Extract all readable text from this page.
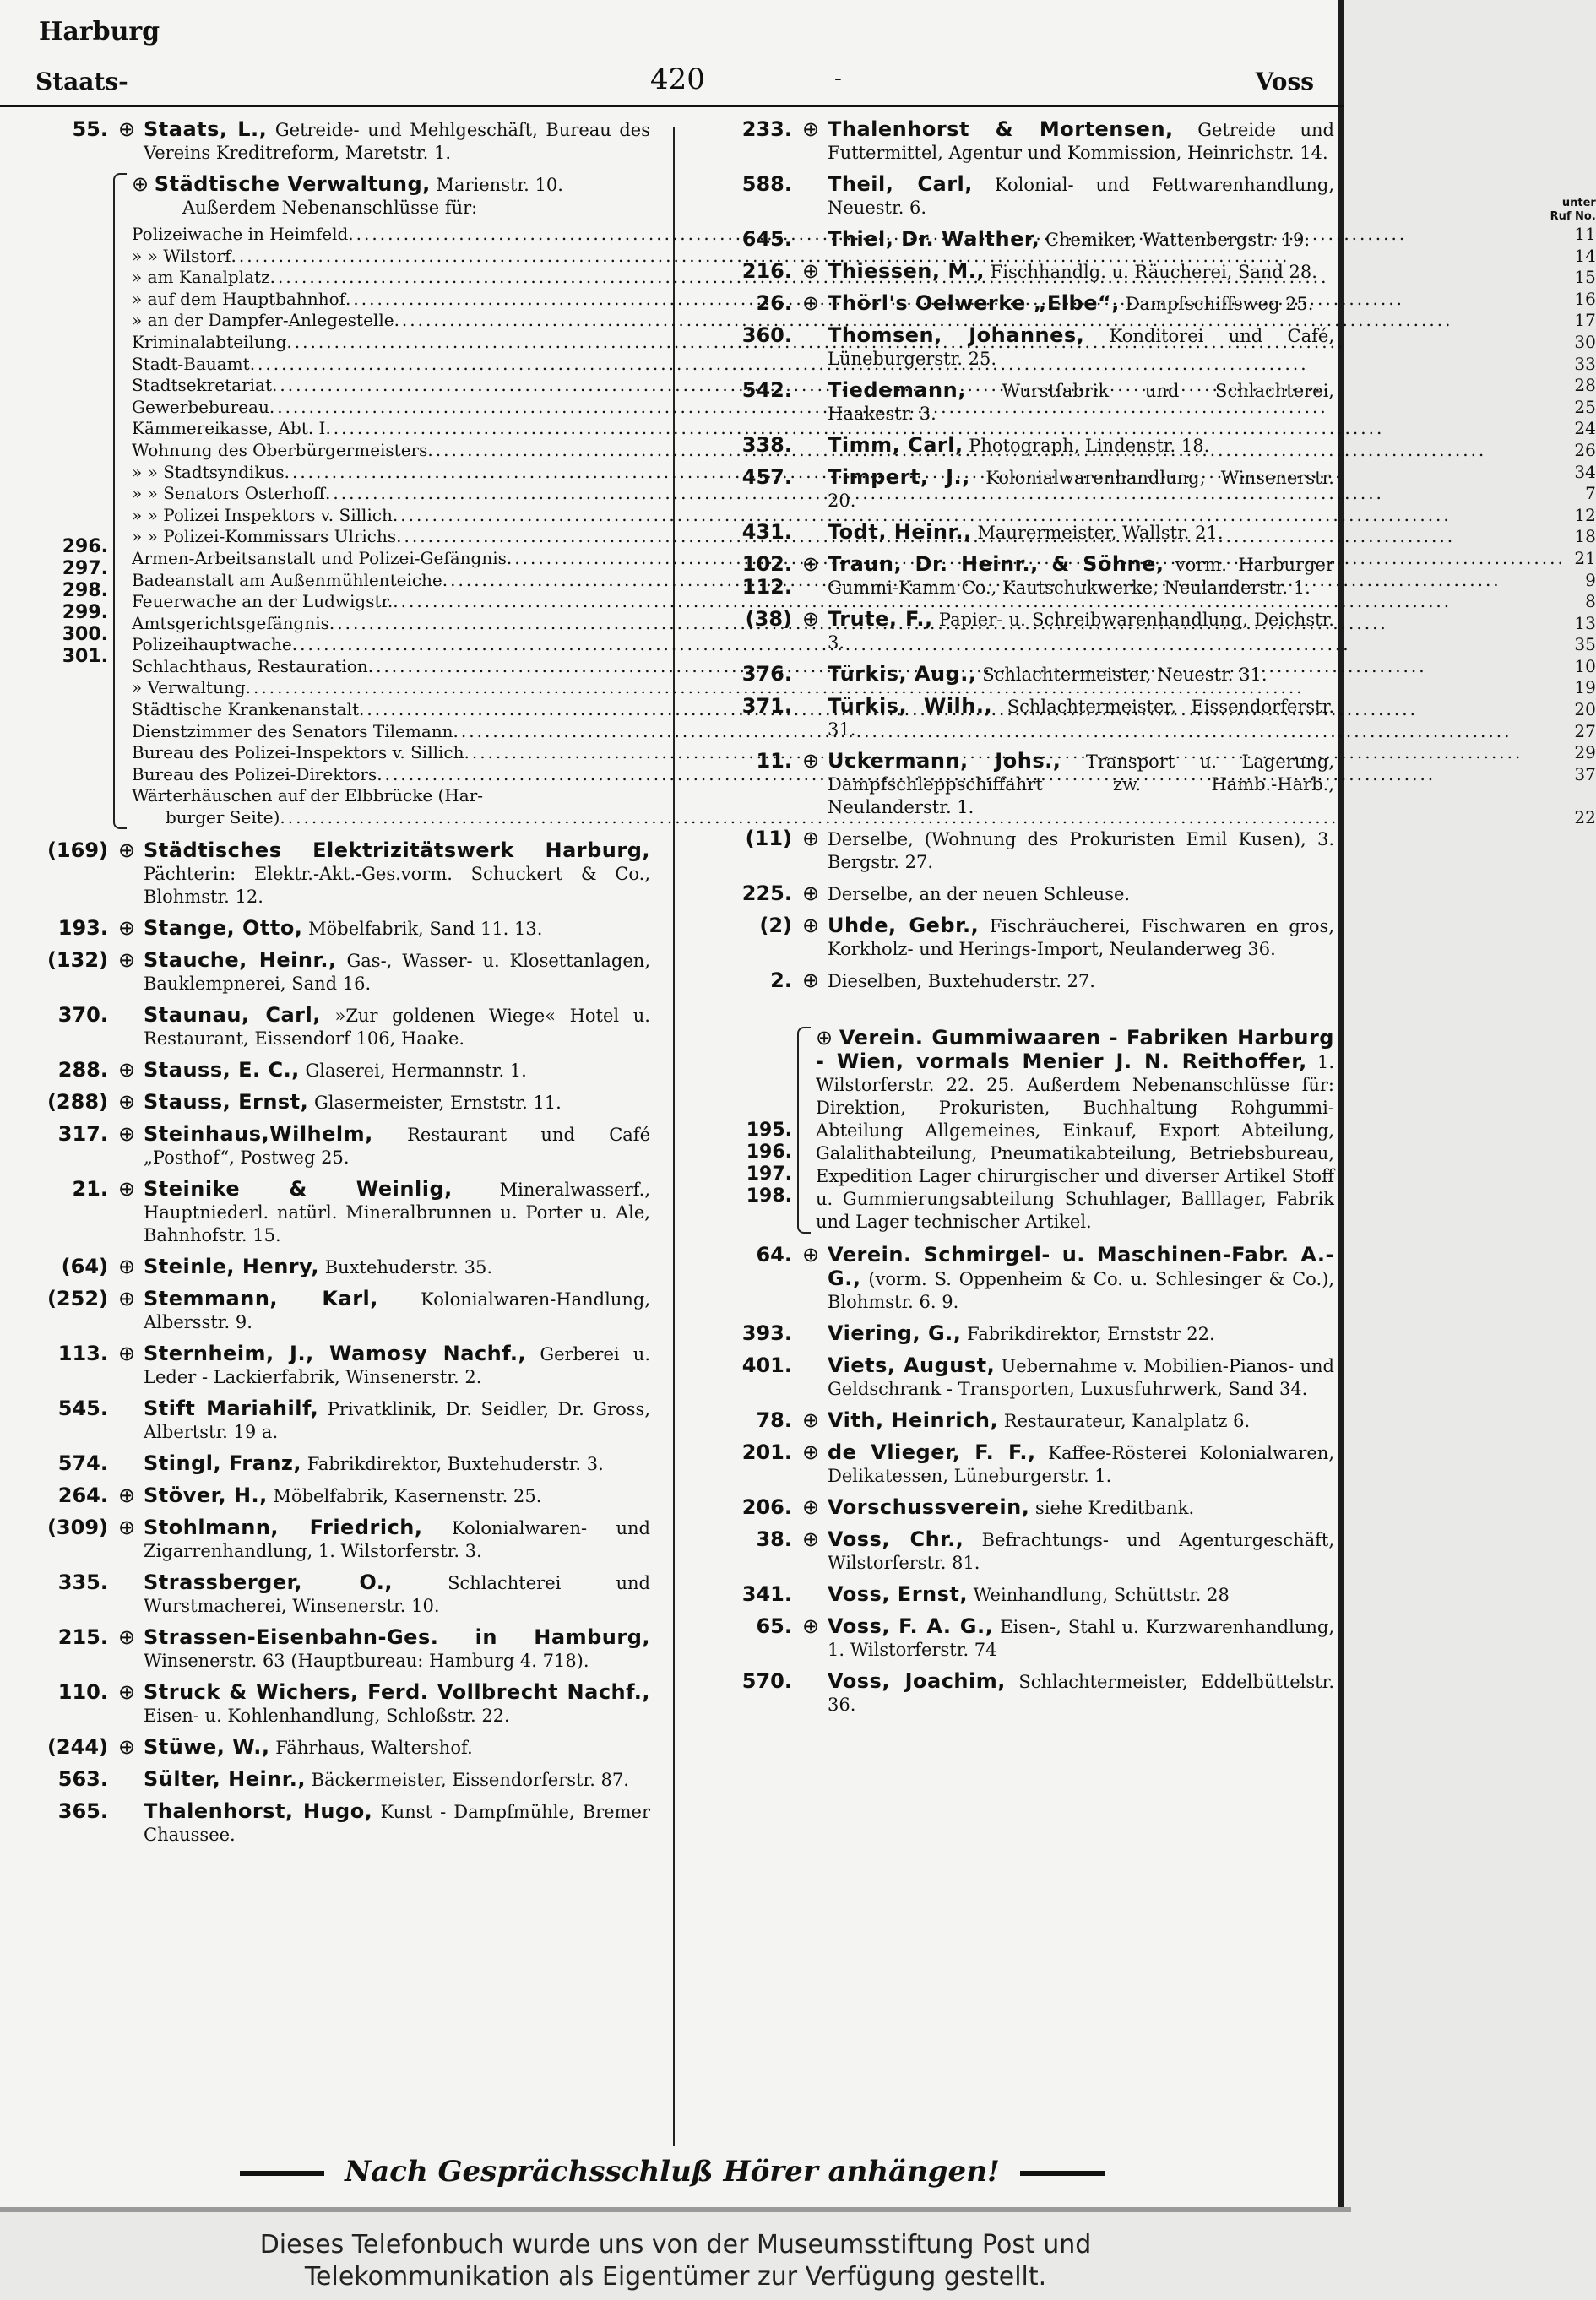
Harburg
Staats-	420	-	Voss
55. ⊕ Staats, L., Getreide- und Mehlgeschäft, Bureau des Vereins Kreditreform, Maretstr. 1.
296.
297.
298.
299.
300.
301.
⊕ Städtische Verwaltung, Marienstr. 10.
Außerdem Nebenanschlüsse für:	unter Ruf No.
Polizeiwache in Heimfeld .....	11
» » Wilstorf .....	14
» am Kanalplatz .....	15
» auf dem Hauptbahnhof .....	16
» an der Dampfer-Anlegestelle .....	17
Kriminalabteilung .....	30
Stadt-Bauamt .....	33
Stadtsekretariat .....	28
Gewerbebureau .....	25
Kämmereikasse, Abt. I .....	24
Wohnung des Oberbürgermeisters .....	26
» » Stadtsyndikus .....	34
» » Senators Osterhoff .....	7
» » Polizei Inspektors v. Sillich .....	12
» » Polizei-Kommissars Ulrichs .....	18
Armen-Arbeitsanstalt und Polizei-Gefängnis .....	21
Badeanstalt am Außenmühlenteiche .....	9
Feuerwache an der Ludwigstr. .....	8
Amtsgerichtsgefängnis .....	13
Polizeihauptwache .....	35
Schlachthaus, Restauration .....	10
» Verwaltung .....	19
Städtische Krankenanstalt .....	20
Dienstzimmer des Senators Tilemann .....	27
Bureau des Polizei-Inspektors v. Sillich .....	29
Bureau des Polizei-Direktors .....	37
Wärterhäuschen auf der Elbbrücke (Har-
burger Seite) .....	22
(169) ⊕ Städtisches Elektrizitätswerk Harburg, Pächterin: Elektr.-Akt.-Ges.vorm. Schuckert & Co., Blohmstr. 12.
193. ⊕ Stange, Otto, Möbelfabrik, Sand 11. 13.
(132) ⊕ Stauche, Heinr., Gas-, Wasser- u. Klosettanlagen, Bauklempnerei, Sand 16.
370.	Staunau, Carl, »Zur goldenen Wiege« Hotel u. Restaurant, Eissendorf 106, Haake.
288. ⊕ Stauss, E. C., Glaserei, Hermannstr. 1.
(288) ⊕ Stauss, Ernst, Glasermeister, Ernststr. 11.
317. ⊕ Steinhaus,Wilhelm, Restaurant und Café „Posthof“, Postweg 25.
21. ⊕ Steinike & Weinlig,	Mineralwasserf., Hauptniederl. natürl. Mineralbrunnen u. Porter u. Ale, Bahnhofstr. 15.
(64) ⊕ Steinle, Henry, Buxtehuderstr. 35.
(252) ⊕ Stemmann, Karl, Kolonialwaren-Handlung, Albersstr. 9.
113. ⊕ Sternheim, J., Wamosy Nachf., Gerberei u. Leder - Lackierfabrik, Winsenerstr. 2.
545.	Stift Mariahilf, Privatklinik, Dr. Seidler, Dr. Gross, Albertstr. 19 a.
574.	Stingl, Franz, Fabrikdirektor, Buxtehuderstr. 3.
264. ⊕ Stöver, H., Möbelfabrik, Kasernenstr. 25.
(309) ⊕ Stohlmann, Friedrich, Kolonialwaren- und Zigarrenhandlung, 1. Wilstorferstr. 3.
335.	Strassberger, O.,	Schlachterei und Wurstmacherei, Winsenerstr. 10.
215. ⊕ Strassen-Eisenbahn-Ges. in Hamburg, Winsenerstr. 63 (Hauptbureau: Hamburg 4. 718).
110. ⊕ Struck & Wichers, Ferd. Vollbrecht Nachf., Eisen- u. Kohlenhandlung, Schloßstr. 22.
(244) ⊕ Stüwe, W., Fährhaus, Waltershof.
563.	Sülter, Heinr., Bäckermeister, Eissendorferstr. 87.
365.	Thalenhorst, Hugo, Kunst - Dampfmühle, Bremer Chaussee.
233. ⊕ Thalenhorst & Mortensen, Getreide und Futtermittel, Agentur und Kommission, Heinrichstr. 14.
588.	Theil, Carl, Kolonial- und Fettwarenhandlung, Neuestr. 6.
645.	Thiel, Dr. Walther, Chemiker, Wattenbergstr. 19.
216. ⊕ Thiessen, M., Fischhandlg. u. Räucherei, Sand 28.
26. ⊕ Thörl's Oelwerke „Elbe“, Dampfschiffsweg 25.
360.	Thomsen, Johannes, Konditorei und Café, Lüneburgerstr. 25.
542.	Tiedemann, Wurstfabrik und Schlachterei, Haakestr. 3.
338.	Timm, Carl, Photograph, Lindenstr. 18.
457.	Timpert, J., Kolonialwarenhandlung, Winsenerstr. 20.
431.	Todt, Heinr., Maurermeister, Wallstr. 21.
102. 112.
⊕ Traun, Dr. Heinr., & Söhne, vorm. Harburger Gummi-Kamm Co., Kautschukwerke, Neulanderstr. 1.
(38) ⊕ Trute, F., Papier- u. Schreibwarenhandlung, Deichstr. 3.
376.	Türkis, Aug., Schlachtermeister, Neuestr. 31.
371.	Türkis, Wilh., Schlachtermeister, Eissendorferstr. 31.
11. ⊕ Uckermann, Johs., Transport u. Lagerung, Dampfschleppschiffahrt zw. Hamb.-Harb., Neulanderstr. 1.
(11) ⊕ Derselbe, (Wohnung des Prokuristen Emil Kusen), 3. Bergstr. 27.
225. ⊕ Derselbe, an der neuen Schleuse.
(2) ⊕ Uhde, Gebr., Fischräucherei, Fischwaren en gros, Korkholz- und Herings-Import, Neulanderweg 36.
2. ⊕ Dieselben, Buxtehuderstr. 27.
195.
196.
197.
198.
⊕ Verein. Gummiwaaren - Fabriken Harburg - Wien, vormals Menier J. N. Reithoffer, 1. Wilstorferstr. 22. 25. Außerdem Nebenanschlüsse für: Direktion, Prokuristen, Buchhaltung Rohgummi-Abteilung Allgemeines, Einkauf, Export Abteilung, Galalithabteilung, Pneumatikabteilung, Betriebsbureau, Expedition Lager chirurgischer und diverser Artikel Stoff u. Gummierungsabteilung Schuhlager, Balllager, Fabrik und Lager technischer Artikel.
64. ⊕ Verein. Schmirgel- u. Maschinen-Fabr. A.-G., (vorm. S. Oppenheim & Co. u. Schlesinger & Co.), Blohmstr. 6. 9.
393.	Viering, G., Fabrikdirektor, Ernststr 22.
401.	Viets, August, Uebernahme v. Mobilien-Pianos- und Geldschrank - Transporten, Luxusfuhrwerk, Sand 34.
78. ⊕ Vith, Heinrich, Restaurateur, Kanalplatz 6.
201. ⊕ de Vlieger, F. F., Kaffee-Rösterei Kolonialwaren, Delikatessen, Lüneburgerstr. 1.
206. ⊕ Vorschussverein, siehe Kreditbank.
38. ⊕ Voss, Chr., Befrachtungs- und Agenturgeschäft, Wilstorferstr. 81.
341.	Voss, Ernst, Weinhandlung, Schüttstr. 28
65. ⊕ Voss, F. A. G., Eisen-, Stahl u. Kurzwarenhandlung, 1. Wilstorferstr. 74
570.	Voss, Joachim, Schlachtermeister, Eddelbüttelstr. 36.
Nach Gesprächsschluß Hörer anhängen!
Dieses Telefonbuch wurde uns von der Museumsstiftung Post und
Telekommunikation als Eigentümer zur Verfügung gestellt.
